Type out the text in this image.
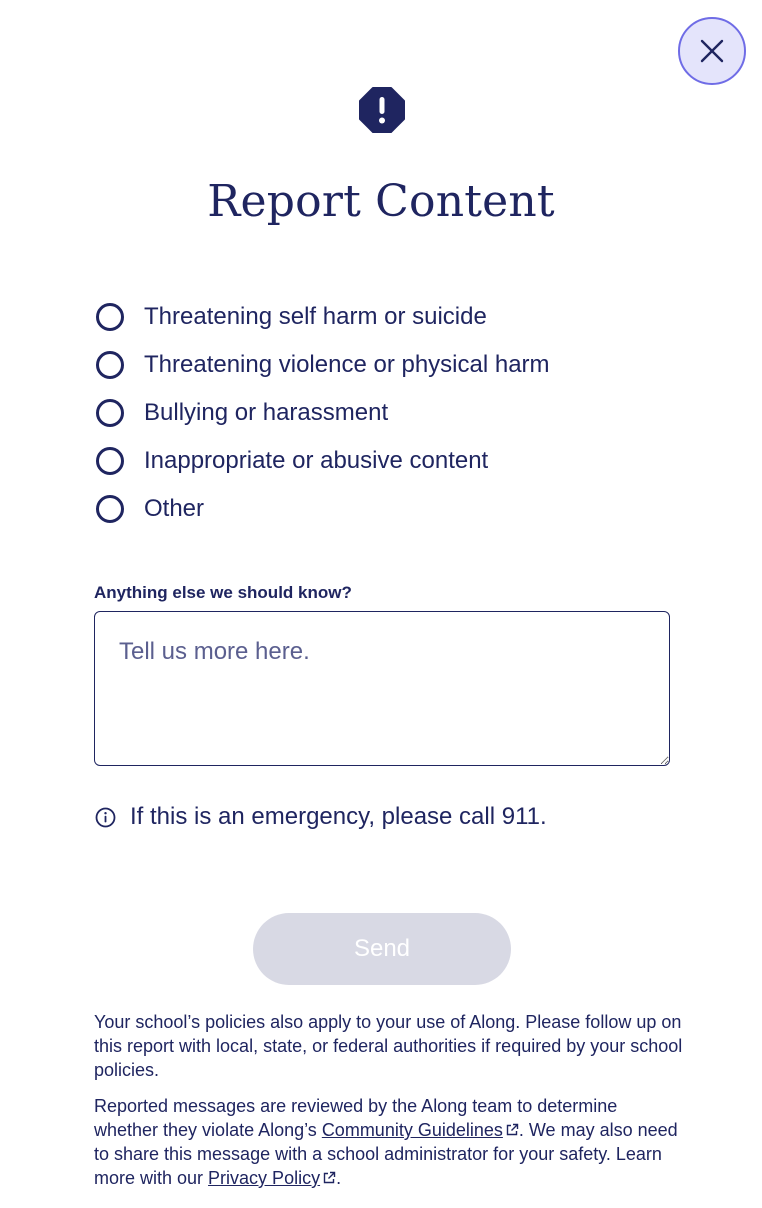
Report Content
Threatening self harm or suicide
Threatening violence or physical harm
Bullying or harassment
Inappropriate or abusive content
Other
Anything else we should know?
Tell us more here.
If this is an emergency, please call 911.
Send

Your school’s policies also apply to your use of Along. Please follow up on this report with local, state, or federal authorities if required by your school policies.

Reported messages are reviewed by the Along team to determine whether they violate Along’s Community Guidelines . We may also need to share this message with a school administrator for your safety. Learn more with our Privacy Policy .
